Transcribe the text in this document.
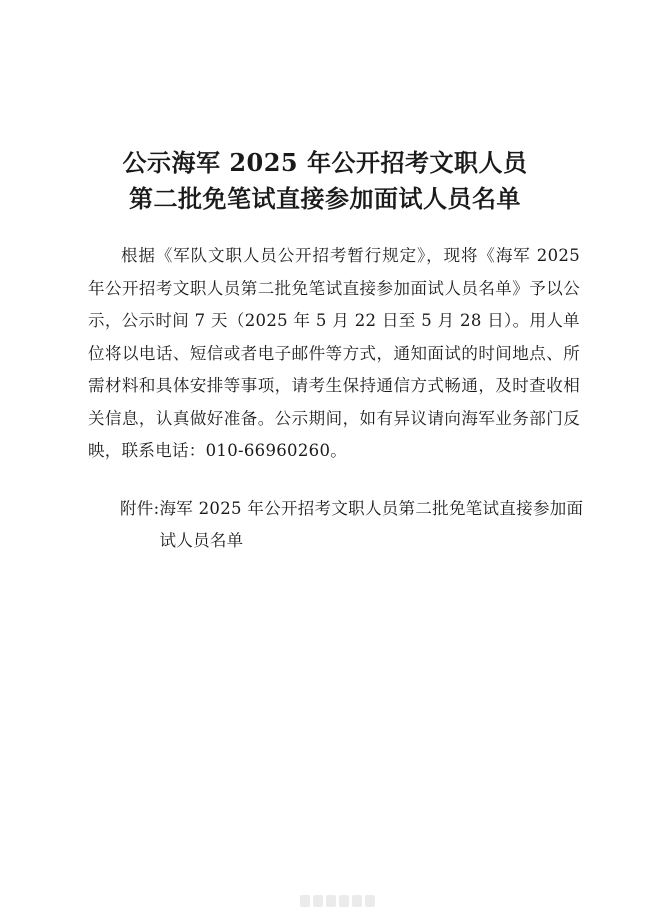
公示海军 2025 年公开招考文职人员
第二批免笔试直接参加面试人员名单

根据《军队文职人员公开招考暂行规定》，现将《海军 2025 年公开招考文职人员第二批免笔试直接参加面试人员名单》予以公示，公示时间 7 天（2025 年 5 月 22 日至 5 月 28 日）。用人单位将以电话、短信或者电子邮件等方式，通知面试的时间地点、所需材料和具体安排等事项，请考生保持通信方式畅通，及时查收相关信息，认真做好准备。公示期间，如有异议请向海军业务部门反映，联系电话：010-66960260。

附件: 海军 2025 年公开招考文职人员第二批免笔试直接参加面试人员名单
